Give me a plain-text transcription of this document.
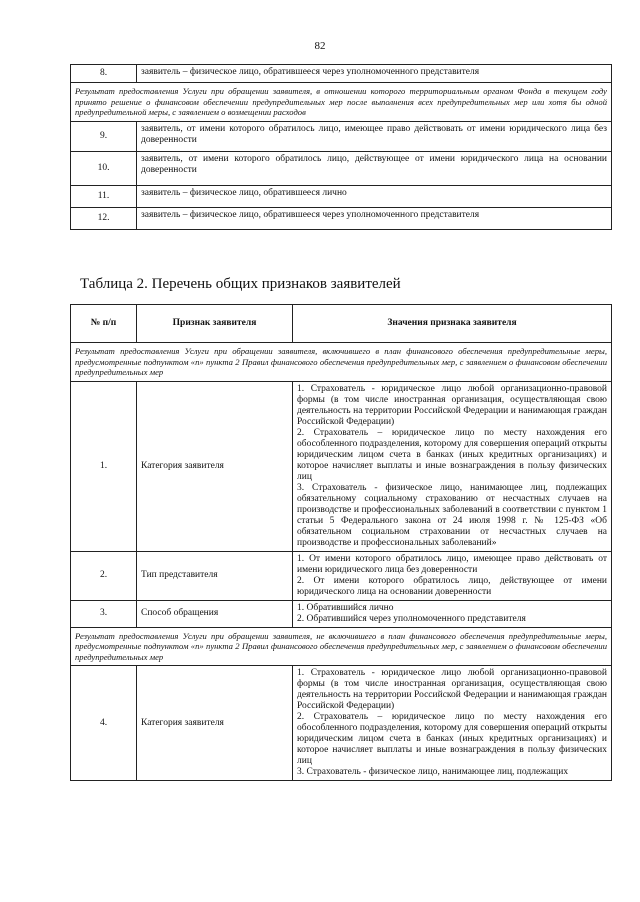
82
8.	заявитель – физическое лицо, обратившееся через уполномоченного представителя
Результат предоставления Услуги при обращении заявителя, в отношении которого территориальным органом Фонда в текущем году принято решение о финансовом обеспечении предупредительных мер после выполнения всех предупредительных мер или хотя бы одной предупредительной меры, с заявлением о возмещении расходов	
9.	заявитель, от имени которого обратилось лицо, имеющее право действовать от имени юридического лица без доверенности
10.	заявитель, от имени которого обратилось лицо, действующее от имени юридического лица на основании доверенности
11.	заявитель – физическое лицо, обратившееся лично
12.	заявитель – физическое лицо, обратившееся через уполномоченного представителя
Таблица 2. Перечень общих признаков заявителей
№ п/п	Признак заявителя	Значения признака заявителя
Результат предоставления Услуги при обращении заявителя, включившего в план финансового обеспечения предупредительные меры, предусмотренные подпунктом «п» пункта 2 Правил финансового обеспечения предупредительных мер, с заявлением о финансовом обеспечении предупредительных мер		
1.	Категория заявителя	1. Страхователь - юридическое лицо любой организационно-правовой формы (в том числе иностранная организация, осуществляющая свою деятельность на территории Российской Федерации и нанимающая граждан Российской Федерации)
2. Страхователь – юридическое лицо по месту нахождения его обособленного подразделения, которому для совершения операций открыты юридическим лицом счета в банках (иных кредитных организациях) и которое начисляет выплаты и иные вознаграждения в пользу физических лиц
3. Страхователь - физическое лицо, нанимающее лиц, подлежащих обязательному социальному страхованию от несчастных случаев на производстве и профессиональных заболеваний в соответствии с пунктом 1 статьи 5 Федерального закона от 24 июля 1998 г. № 125-ФЗ «Об обязательном социальном страховании от несчастных случаев на производстве и профессиональных заболеваний»

2.	Тип представителя	1. От имени которого обратилось лицо, имеющее право действовать от имени юридического лица без доверенности
2. От имени которого обратилось лицо, действующее от имени юридического лица на основании доверенности

3.	Способ обращения	1. Обратившийся лично
2. Обратившийся через уполномоченного представителя

Результат предоставления Услуги при обращении заявителя, не включившего в план финансового обеспечения предупредительные меры, предусмотренные подпунктом «п» пункта 2 Правил финансового обеспечения предупредительных мер, с заявлением о финансовом обеспечении предупредительных мер		
4.	Категория заявителя	1. Страхователь - юридическое лицо любой организационно-правовой формы (в том числе иностранная организация, осуществляющая свою деятельность на территории Российской Федерации и нанимающая граждан Российской Федерации)
2. Страхователь – юридическое лицо по месту нахождения его обособленного подразделения, которому для совершения операций открыты юридическим лицом счета в банках (иных кредитных организациях) и которое начисляет выплаты и иные вознаграждения в пользу физических лиц
3. Страхователь - физическое лицо, нанимающее лиц, подлежащих
